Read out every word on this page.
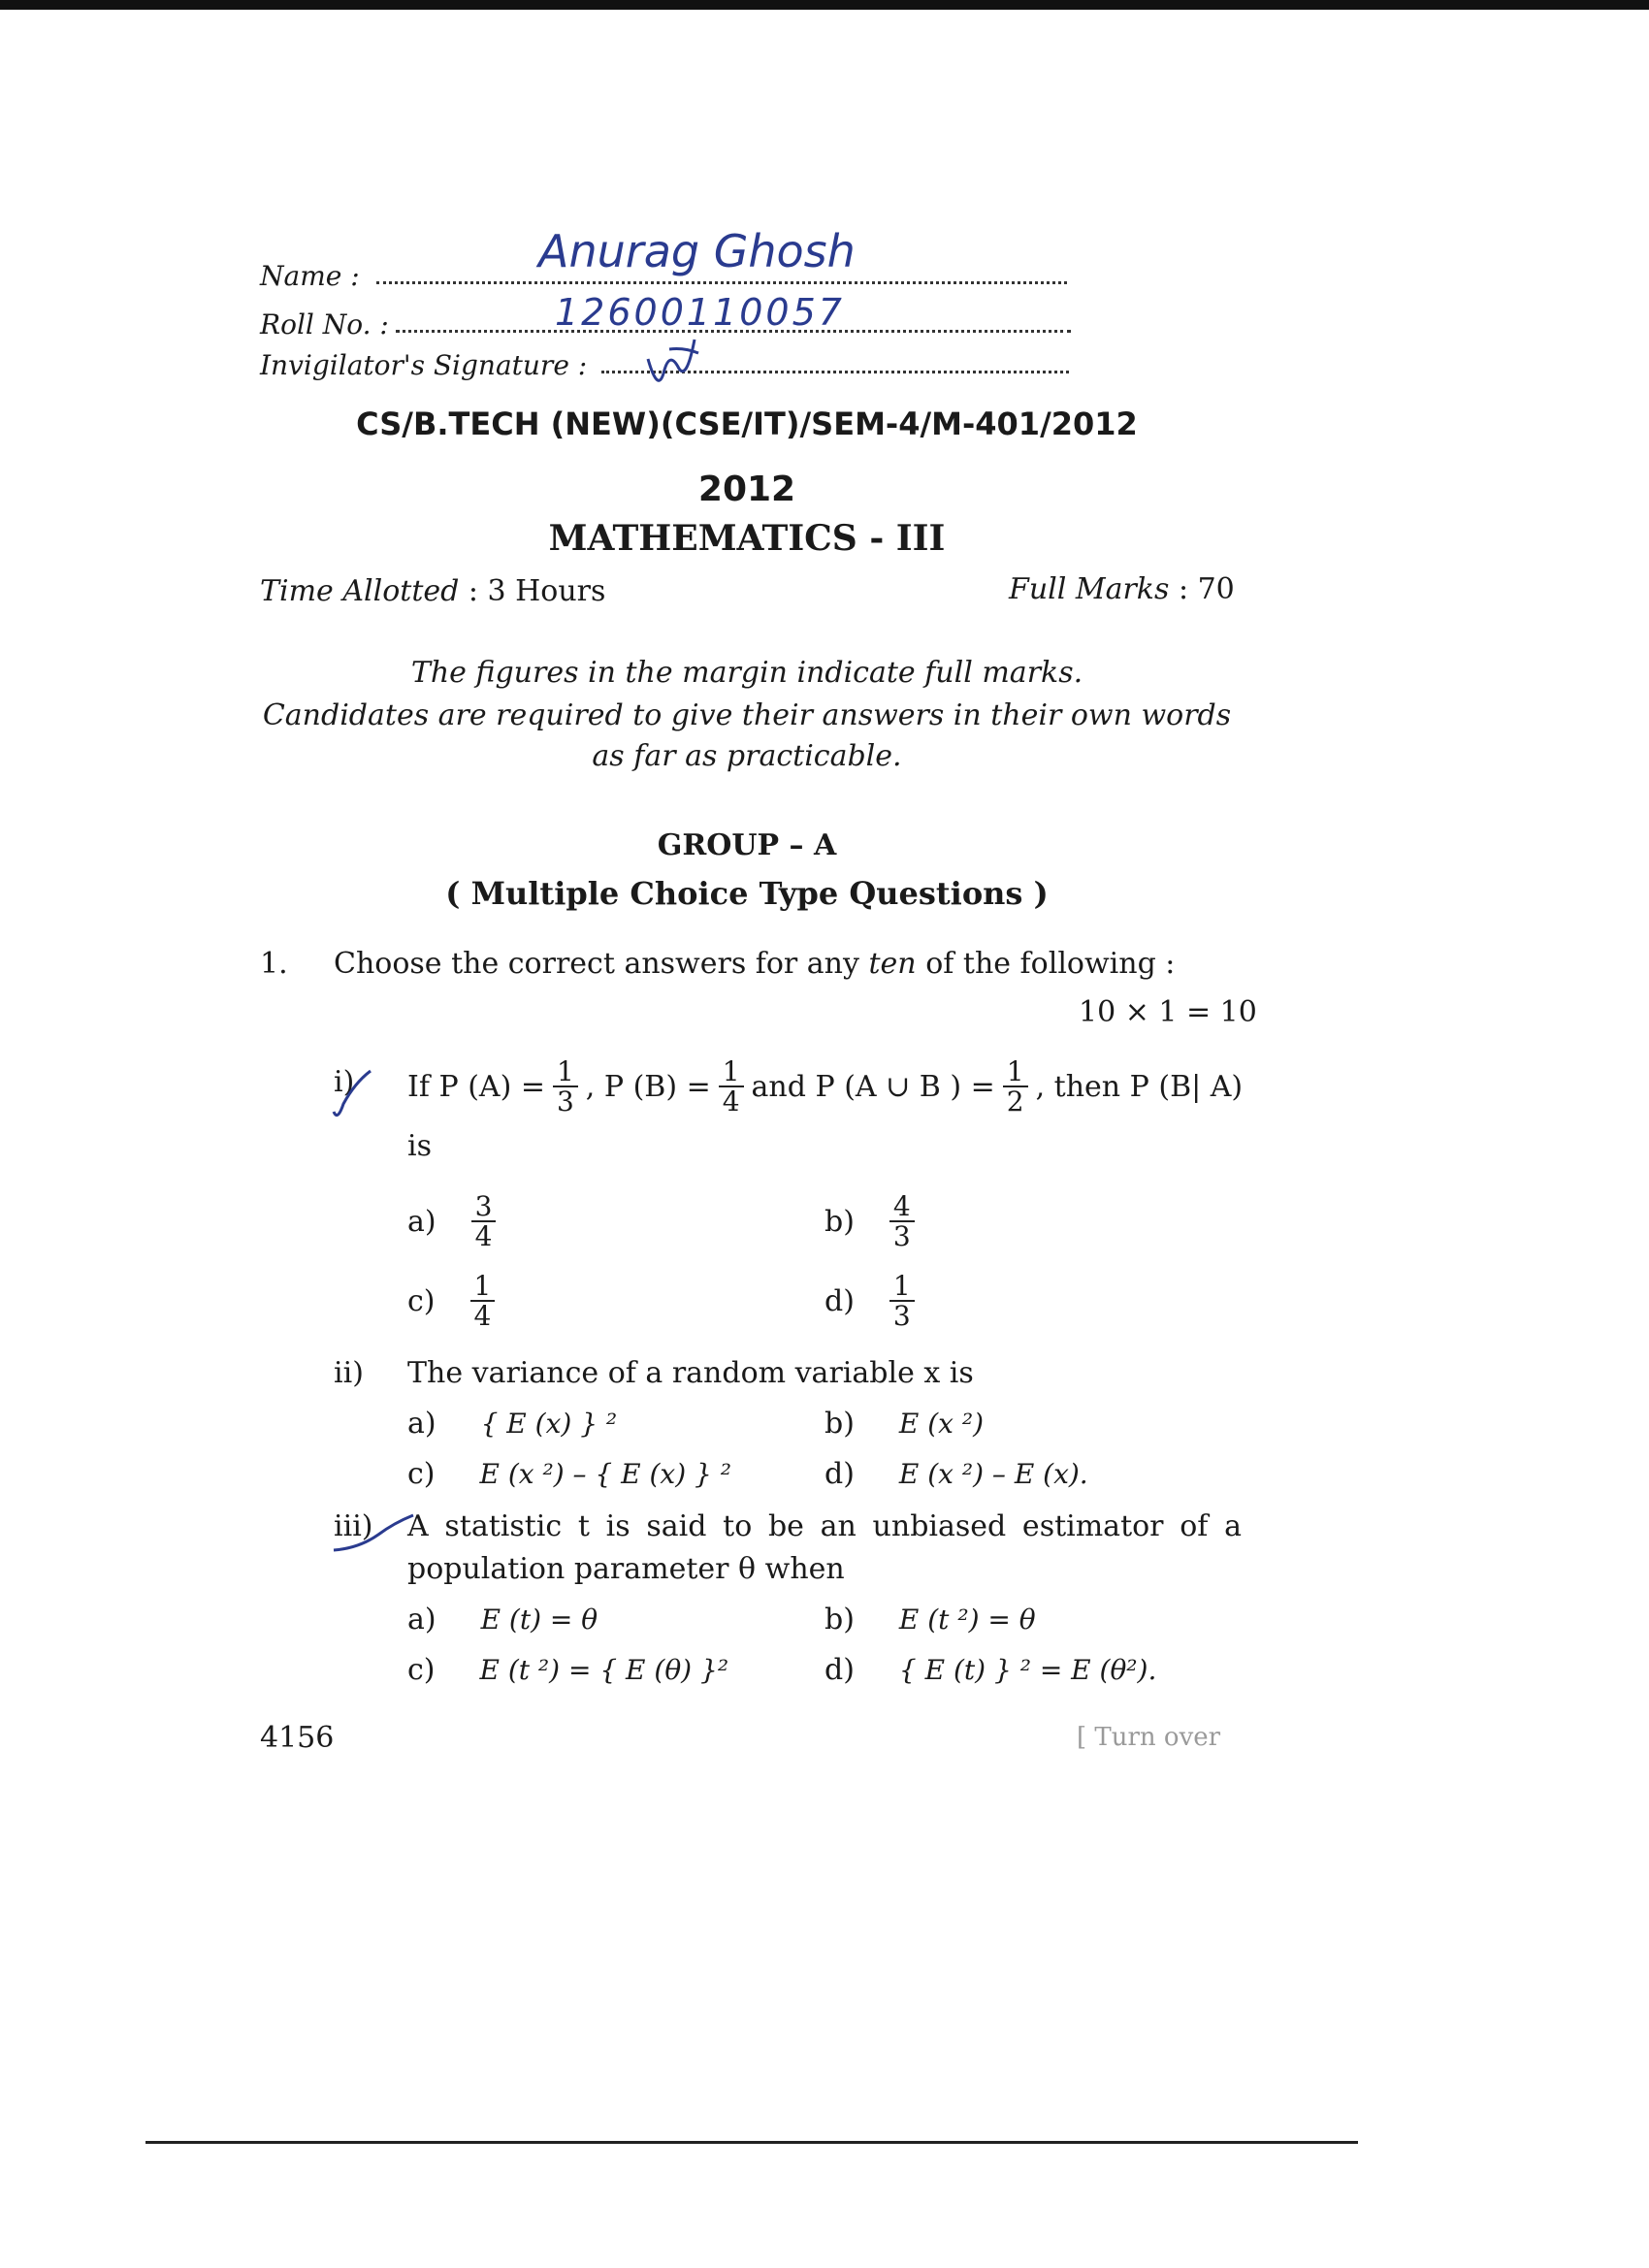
Name :	Anurag Ghosh
Roll No. :	12600110057
Invigilator's Signature :
CS/B.TECH (NEW)(CSE/IT)/SEM-4/M-401/2012
2012
MATHEMATICS - III
Time Allotted : 3 Hours	Full Marks : 70
The figures in the margin indicate full marks.
Candidates are required to give their answers in their own words
as far as practicable.
GROUP – A
( Multiple Choice Type Questions )
1. Choose the correct answers for any ten of the following :
10 × 1 = 10
i) If P $(A) = \frac{1}{3}$ , P $(B) = \frac{1}{4}$ and P (A ∪ B ) = $\frac{1}{2}$ , then P (B| A)
is
$a) \frac{3}{4}$	$b) \frac{4}{3}$
$c) \frac{1}{4}$	$d) \frac{1}{3}$
ii) The variance of a random variable x is
a) { E (x) } ²	b) E (x ²)
c) E (x ²) – { E (x) } ²	d) E (x ²) – E (x).
iii) A statistic t is said to be an unbiased estimator of a
population parameter θ when
a) E (t) = θ	b) E (t ²) = θ
c) E (t ²) = { E (θ) }²	d) { E (t) } ² = E (θ²).
4156	[ Turn over
